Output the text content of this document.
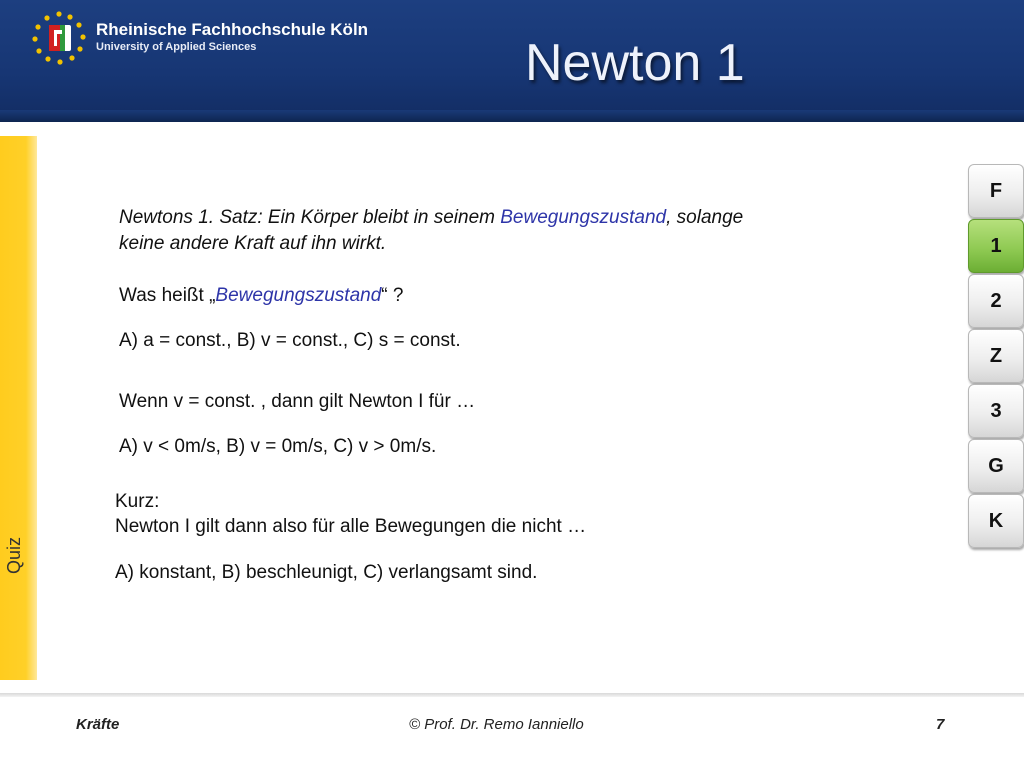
Rheinische Fachhochschule Köln
University of Applied Sciences	Newton 1
Quiz
Newtons 1. Satz: Ein Körper bleibt in seinem Bewegungszustand, solange
keine andere Kraft auf ihn wirkt.
Was heißt „Bewegungszustand“ ?
A) a = const., B) v = const., C) s = const.
Wenn v = const. , dann gilt Newton I für …
A) v < 0m/s, B) v = 0m/s, C) v > 0m/s.
Kurz:
Newton I gilt dann also für alle Bewegungen die nicht …
A) konstant, B) beschleunigt, C) verlangsamt sind.
F
1
2
Z
3
G
K
Kräfte	© Prof. Dr. Remo Ianniello	7
